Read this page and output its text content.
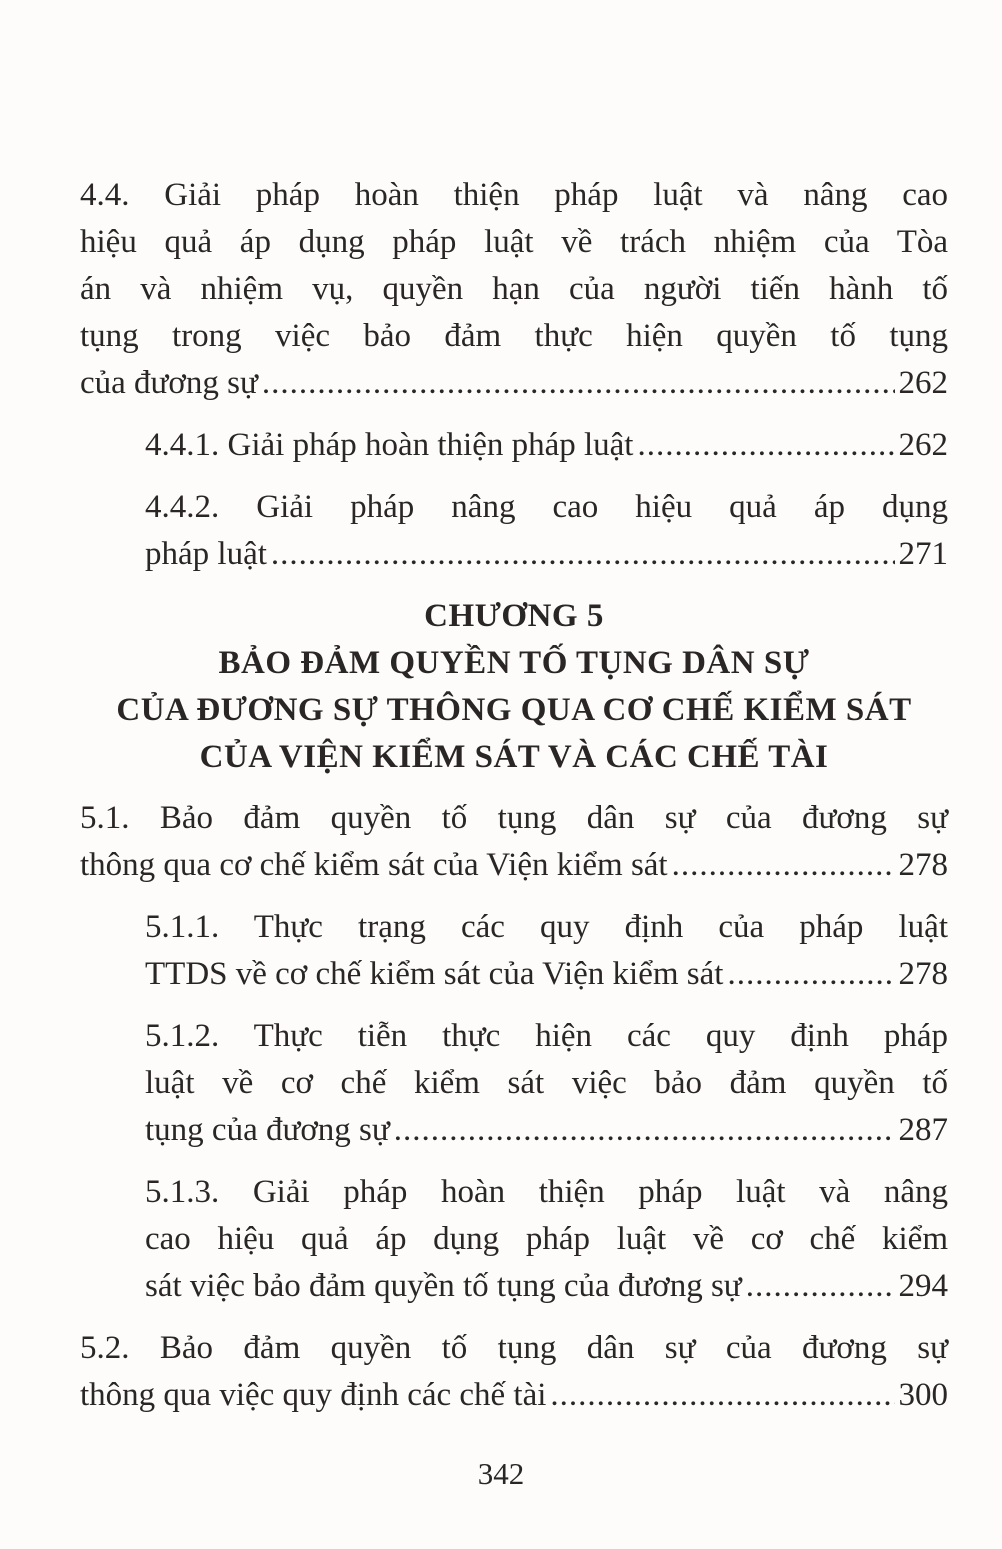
4.4. Giải pháp hoàn thiện pháp luật và nâng cao
hiệu quả áp dụng pháp luật về trách nhiệm của Tòa
án và nhiệm vụ, quyền hạn của người tiến hành tố
tụng trong việc bảo đảm thực hiện quyền tố tụng
của đương sự .....	262
4.4.1. Giải pháp hoàn thiện pháp luật .....	262
4.4.2. Giải pháp nâng cao hiệu quả áp dụng
pháp luật .....	271
CHƯƠNG 5
BẢO ĐẢM QUYỀN TỐ TỤNG DÂN SỰ
CỦA ĐƯƠNG SỰ THÔNG QUA CƠ CHẾ KIỂM SÁT
CỦA VIỆN KIỂM SÁT VÀ CÁC CHẾ TÀI
5.1. Bảo đảm quyền tố tụng dân sự của đương sự
thông qua cơ chế kiểm sát của Viện kiểm sát .....	278
5.1.1. Thực trạng các quy định của pháp luật
TTDS về cơ chế kiểm sát của Viện kiểm sát .....	278
5.1.2. Thực tiễn thực hiện các quy định pháp
luật về cơ chế kiểm sát việc bảo đảm quyền tố
tụng của đương sự .....	287
5.1.3. Giải pháp hoàn thiện pháp luật và nâng
cao hiệu quả áp dụng pháp luật về cơ chế kiểm
sát việc bảo đảm quyền tố tụng của đương sự .....	294
5.2. Bảo đảm quyền tố tụng dân sự của đương sự
thông qua việc quy định các chế tài .....	300
342
